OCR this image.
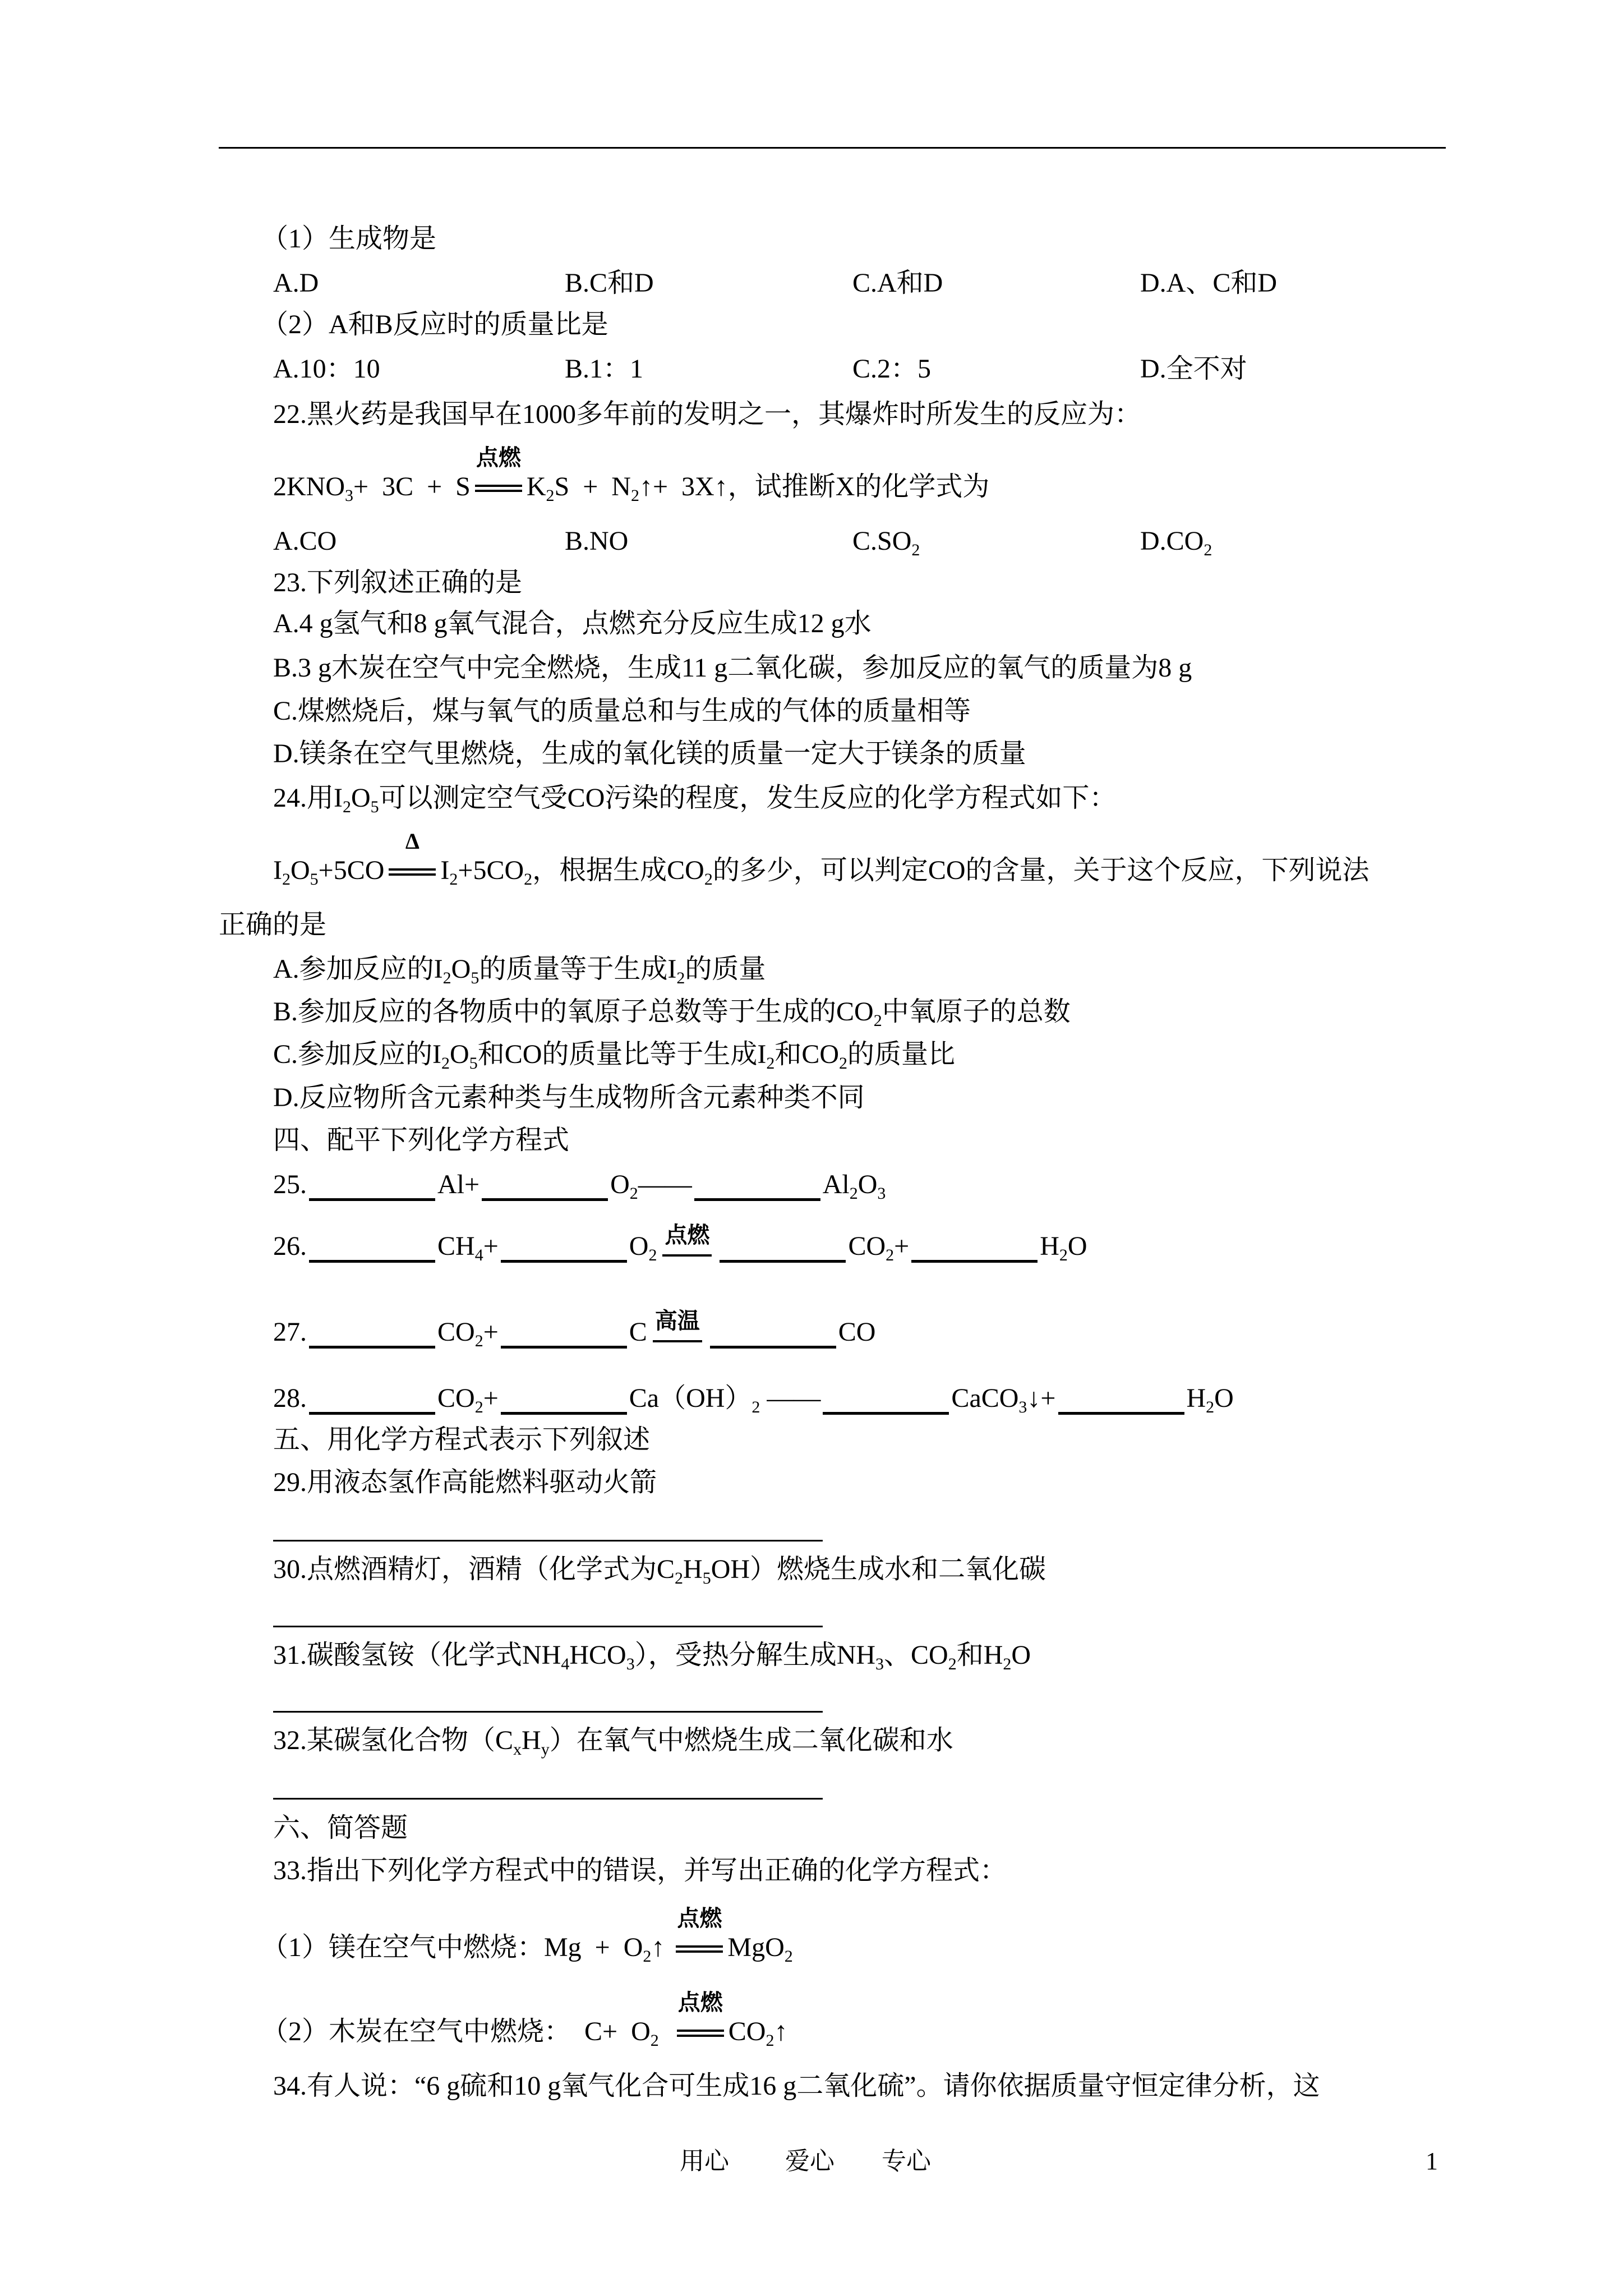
（1）生成物是
A.D	B.C和D	C.A和D	D.A、C和D
（2）A和B反应时的质量比是
A.10：10	B.1：1	C.2：5	D.全不对
22.黑火药是我国早在1000多年前的发明之一，其爆炸时所发生的反应为：
$2KNO_3+ 3C + S$
点燃
$K_2S$  +  $N_2↑+$  3X↑，试推断X的化学式为
A.CO	B.NO	$C.SO_2$	$D.CO_2$
23.下列叙述正确的是
A.4 g氢气和8 g氧气混合，点燃充分反应生成12 g水
B.3 g木炭在空气中完全燃烧，生成11 g二氧化碳，参加反应的氧气的质量为8 g
C.煤燃烧后，煤与氧气的质量总和与生成的气体的质量相等
D.镁条在空气里燃烧，生成的氧化镁的质量一定大于镁条的质量
24.用$I_2O_5$可以测定空气受CO污染的程度，发生反应的化学方程式如下：
$I_2O_5+5CO$
Δ
$I_2+5CO_2$，根据生成$CO_2$的多少，可以判定CO的含量，关于这个反应，下列说法
正确的是
A.参加反应的$I_2O_5$的质量等于生成$I_2$的质量
B.参加反应的各物质中的氧原子总数等于生成的$CO_2$中氧原子的总数
C.参加反应的$I_2O_5$和CO的质量比等于生成$I_2$和$CO_2$的质量比
D.反应物所含元素种类与生成物所含元素种类不同
四、配平下列化学方程式
25.	Al+	$O_2——$	$Al_2O_3$
26.	$CH_4+$	$O_2$
点燃	$CO_2+$	$H_2O$
27.	$CO_2+$	C 高温	CO
28.	$CO_2+$	$Ca(OH)_2$ ——	CaCO$_3$↓+	$H_2O$
五、用化学方程式表示下列叙述
29.用液态氢作高能燃料驱动火箭
30.点燃酒精灯，酒精（化学式为$C_2H_5OH$）燃烧生成水和二氧化碳
31.碳酸氢铵（化学式$NH_4HCO_3$），受热分解生成$NH_3$、$CO_2$和$H_2O$
32.某碳氢化合物$(C_xH_y)$在氧气中燃烧生成二氧化碳和水
六、简答题
33.指出下列化学方程式中的错误，并写出正确的化学方程式：
（1）镁在空气中燃烧：$Mg + O_2↑$
点燃
MgO$_2$
（2）木炭在空气中燃烧：  $C+ O_2$
点燃
$CO_2↑$
34.有人说：“6 g硫和10 g氧气化合可生成16 g二氧化硫”。请你依据质量守恒定律分析，这
用心 爱心 专心	1
